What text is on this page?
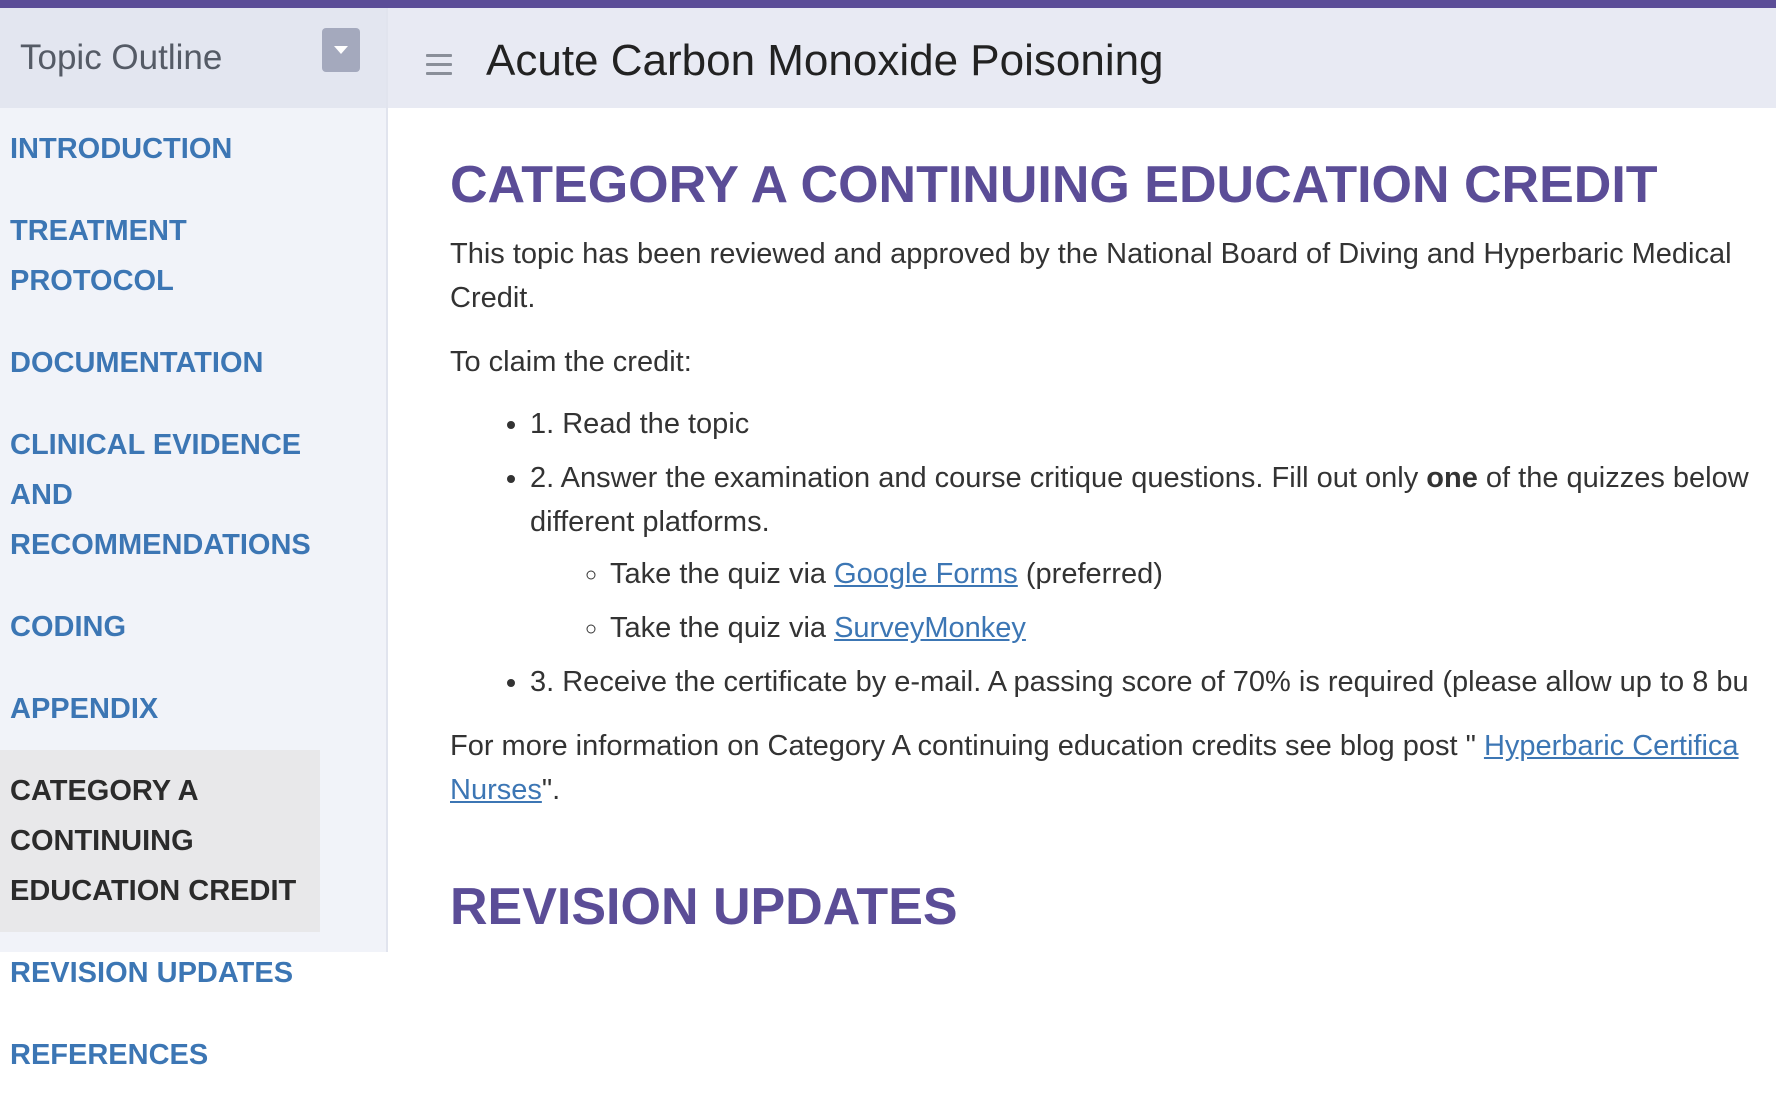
Topic Outline
INTRODUCTION
TREATMENT PROTOCOL
DOCUMENTATION
CLINICAL EVIDENCE AND RECOMMENDATIONS
CODING
APPENDIX
CATEGORY A CONTINUING EDUCATION CREDIT
REVISION UPDATES
REFERENCES
Acute Carbon Monoxide Poisoning
CATEGORY A CONTINUING EDUCATION CREDIT

This topic has been reviewed and approved by the National Board of Diving and Hyperbaric Medical
Credit.

To claim the credit:

• 1. Read the topic
• 2. Answer the examination and course critique questions. Fill out only one of the quizzes below
different platforms.
◦ Take the quiz via Google Forms (preferred)
◦ Take the quiz via SurveyMonkey
• 3. Receive the certificate by e-mail. A passing score of 70% is required (please allow up to 8 bu

For more information on Category A continuing education credits see blog post " Hyperbaric Certifica
Nurses".

REVISION UPDATES
